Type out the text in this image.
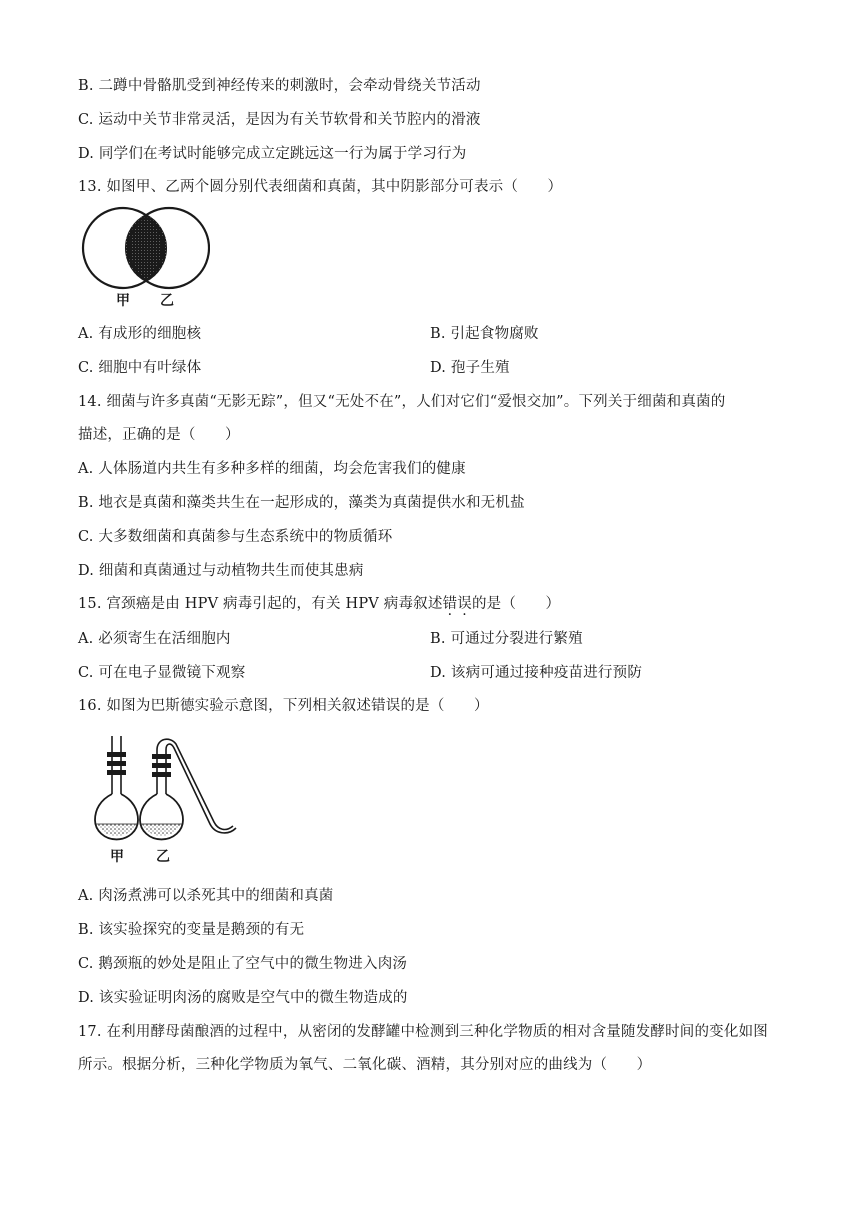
B. 二蹲中骨骼肌受到神经传来的刺激时，会牵动骨绕关节活动
C. 运动中关节非常灵活，是因为有关节软骨和关节腔内的滑液
D. 同学们在考试时能够完成立定跳远这一行为属于学习行为
13. 如图甲、乙两个圆分别代表细菌和真菌，其中阴影部分可表示（　　）
甲 乙
A. 有成形的细胞核	B. 引起食物腐败
C. 细胞中有叶绿体	D. 孢子生殖
14. 细菌与许多真菌“无影无踪”，但又“无处不在”，人们对它们“爱恨交加”。下列关于细菌和真菌的
描述，正确的是（　　）
A. 人体肠道内共生有多种多样的细菌，均会危害我们的健康
B. 地衣是真菌和藻类共生在一起形成的，藻类为真菌提供水和无机盐
C. 大多数细菌和真菌参与生态系统中的物质循环
D. 细菌和真菌通过与动植物共生而使其患病
15. 宫颈癌是由 HPV 病毒引起的，有关 HPV 病毒叙述错误的是（　　）
A. 必须寄生在活细胞内	B. 可通过分裂进行繁殖
C. 可在电子显微镜下观察	D. 该病可通过接种疫苗进行预防
16. 如图为巴斯德实验示意图，下列相关叙述错误的是（　　）
甲 乙
A. 肉汤煮沸可以杀死其中的细菌和真菌
B. 该实验探究的变量是鹅颈的有无
C. 鹅颈瓶的妙处是阻止了空气中的微生物进入肉汤
D. 该实验证明肉汤的腐败是空气中的微生物造成的
17. 在利用酵母菌酿酒的过程中，从密闭的发酵罐中检测到三种化学物质的相对含量随发酵时间的变化如图
所示。根据分析，三种化学物质为氧气、二氧化碳、酒精，其分别对应的曲线为（　　）
